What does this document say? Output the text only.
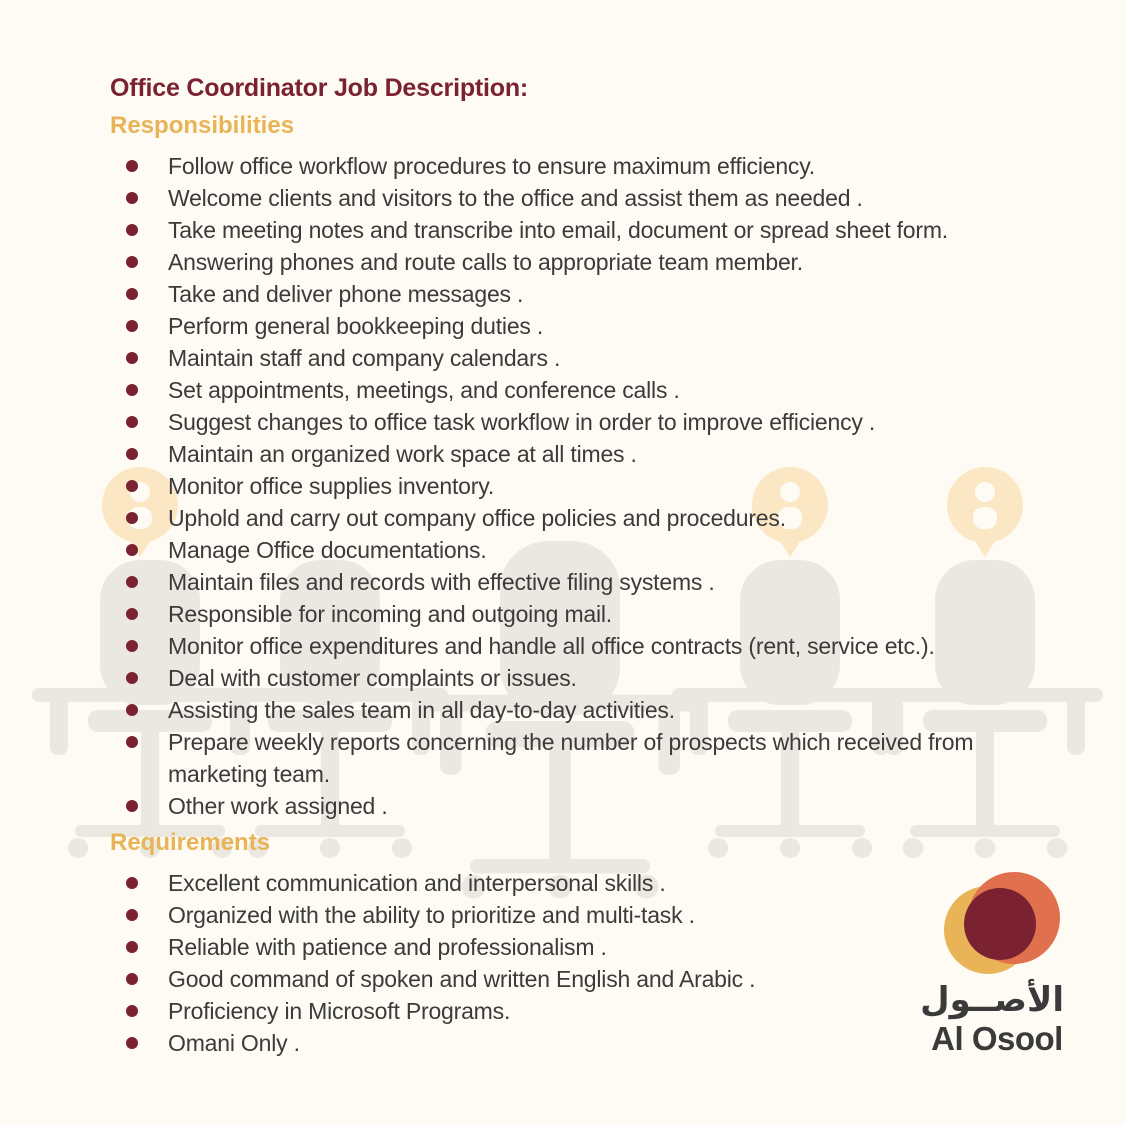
Office Coordinator Job Description:
Responsibilities
Follow office workflow procedures to ensure maximum efficiency.
Welcome clients and visitors to the office and assist them as needed .
Take meeting notes and transcribe into email, document or spread sheet form.
Answering phones and route calls to appropriate team member.
Take and deliver phone messages .
Perform general bookkeeping duties .
Maintain staff and company calendars .
Set appointments, meetings, and conference calls .
Suggest changes to office task workflow in order to improve efficiency .
Maintain an organized work space at all times .
Monitor office supplies inventory.
Uphold and carry out company office policies and procedures.
Manage Office documentations.
Maintain files and records with effective filing systems .
Responsible for incoming and outgoing mail.
Monitor office expenditures and handle all office contracts (rent, service etc.).
Deal with customer complaints or issues.
Assisting the sales team in all day-to-day activities.
Prepare weekly reports concerning the number of prospects which received from marketing team.
Other work assigned .
Requirements
Excellent communication and interpersonal skills .
Organized with the ability to prioritize and multi-task .
Reliable with patience and professionalism .
Good command of spoken and written English and Arabic .
Proficiency in Microsoft Programs.
Omani Only .
الأصــول
Al Osool
